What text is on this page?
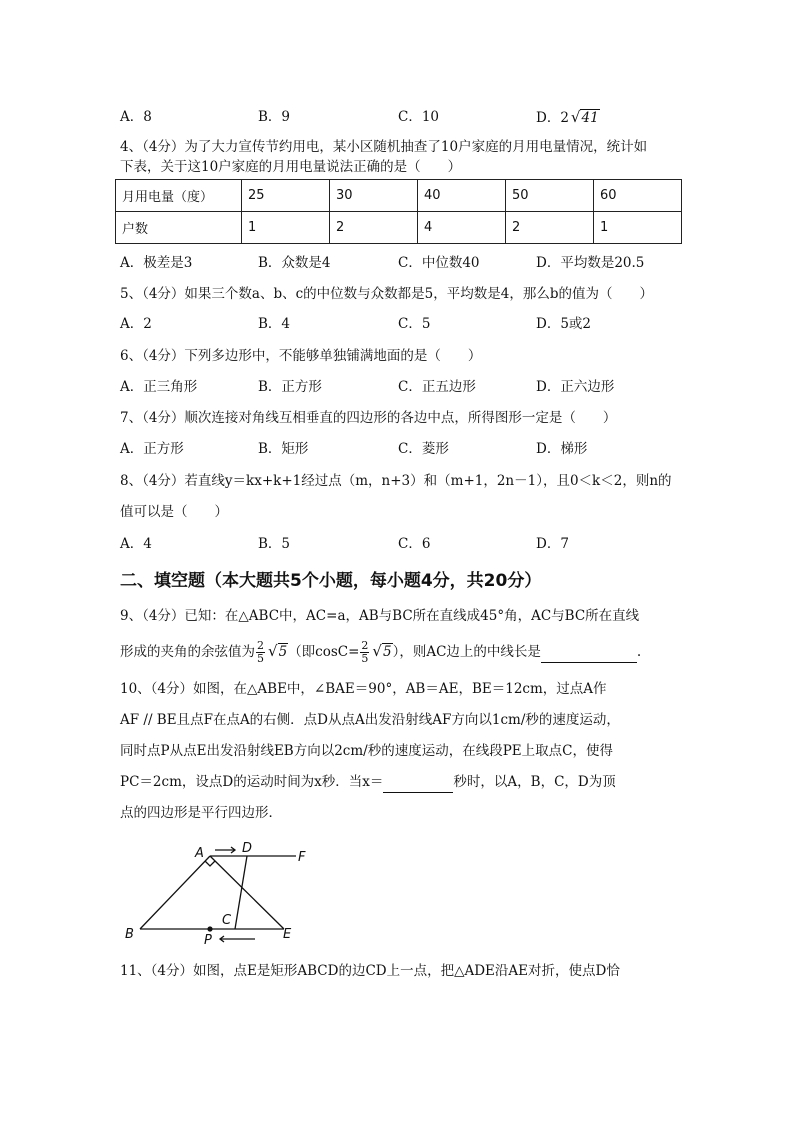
A．8	B．9	C．10	D．2 √41
4、（4分）为了大力宣传节约用电，某小区随机抽查了10户家庭的月用电量情况，统计如
下表，关于这10户家庭的月用电量说法正确的是（　　）
月用电量（度）	25	30	40	50	60
户数	1	2	4	2	1
A．极差是3	B．众数是4	C．中位数40	D．平均数是20.5
5、（4分）如果三个数a、b、c的中位数与众数都是5，平均数是4，那么b的值为（　　）
A．2	B．4	C．5	D．5或2
6、（4分）下列多边形中，不能够单独铺满地面的是（　　）
A．正三角形	B．正方形	C．正五边形	D．正六边形
7、（4分）顺次连接对角线互相垂直的四边形的各边中点，所得图形一定是（　　）
A．正方形	B．矩形	C．菱形	D．梯形
8、（4分）若直线y＝kx+k+1经过点（m，n+3）和（m+1，2n－1），且0＜k＜2，则n的
值可以是（　　）
A．4	B．5	C．6	D．7
二、填空题（本大题共5个小题，每小题4分，共20分）
9、（4分）已知：在△ABC中，AC=a，AB与BC所在直线成45°角，AC与BC所在直线
形成的夹角的余弦值为 $\frac{2}{5} √5$（即$\cos C= \frac{2}{5} √5$），则AC边上的中线长是	.
10、（4分）如图，在△ABE中，∠BAE＝90°，AB＝AE，BE＝12cm，过点A作
AF // BE且点F在点A的右侧．点D从点A出发沿射线AF方向以1cm/秒的速度运动，
同时点P从点E出发沿射线EB方向以2cm/秒的速度运动，在线段PE上取点C，使得
PC＝2cm，设点D的运动时间为x秒．当x＝	秒时，以A，B，C，D为顶
点的四边形是平行四边形．
A	D
F
B
C
E
P
11、（4分）如图，点E是矩形ABCD的边CD上一点，把△ADE沿AE对折，使点D恰
